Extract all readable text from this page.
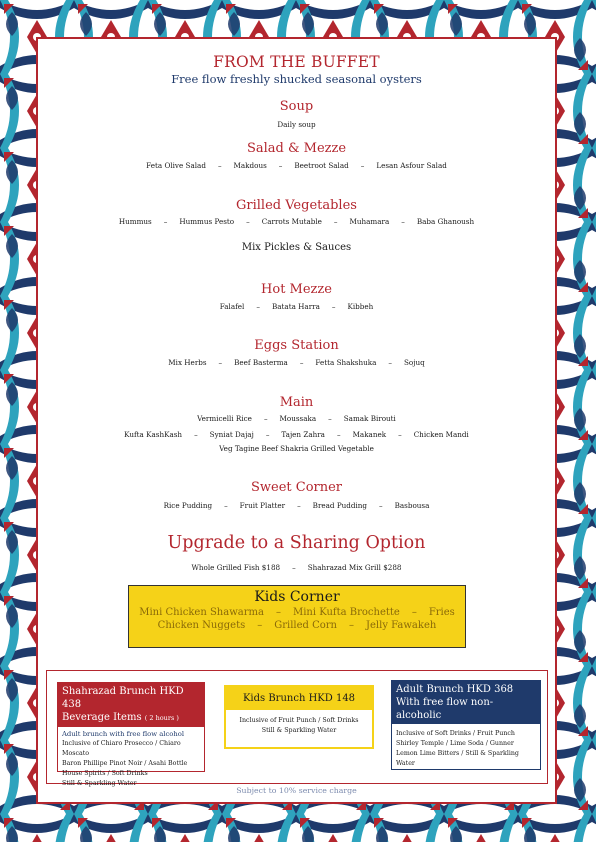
FROM THE BUFFET
Free flow freshly shucked seasonal oysters
Soup
Daily soup
Salad & Mezze
Feta Olive Salad – Makdous – Beetroot Salad – Lesan Asfour Salad
Grilled Vegetables
Hummus – Hummus Pesto – Carrots Mutable – Muhamara – Baba Ghanoush
Mix Pickles & Sauces
Hot Mezze
Falafel – Batata Harra – Kibbeh
Eggs Station
Mix Herbs – Beef Basterma – Fetta Shakshuka – Sojuq
Main
Vermicelli Rice – Moussaka – Samak Birouti
Kufta KashKash – Syniat Dajaj – Tajen Zahra – Makanek – Chicken Mandi
Veg Tagine Beef Shakria Grilled Vegetable
Sweet Corner
Rice Pudding – Fruit Platter – Bread Pudding – Basbousa
Upgrade to a Sharing Option
Whole Grilled Fish $188 – Shahrazad Mix Grill $288
Kids Corner
Mini Chicken Shawarma – Mini Kufta Brochette – Fries
Chicken Nuggets – Grilled Corn – Jelly Fawakeh
Shahrazad Brunch HKD 438
Beverage Items ( 2 hours )
Adult brunch with free flow alcohol
Inclusive of Chiaro Prosecco / Chiaro Moscato
Baron Phillipe Pinot Noir / Asahi Bottle
House Spirits / Soft Drinks
Still & Sparkling Water
Kids Brunch HKD 148
Inclusive of Fruit Punch / Soft Drinks
Still & Sparkling Water
Adult Brunch HKD 368
With free flow non-alcoholic
Inclusive of Soft Drinks / Fruit Punch
Shirley Temple / Lime Soda / Gunner
Lemon Lime Bitters / Still & Sparkling Water
Subject to 10% service charge
